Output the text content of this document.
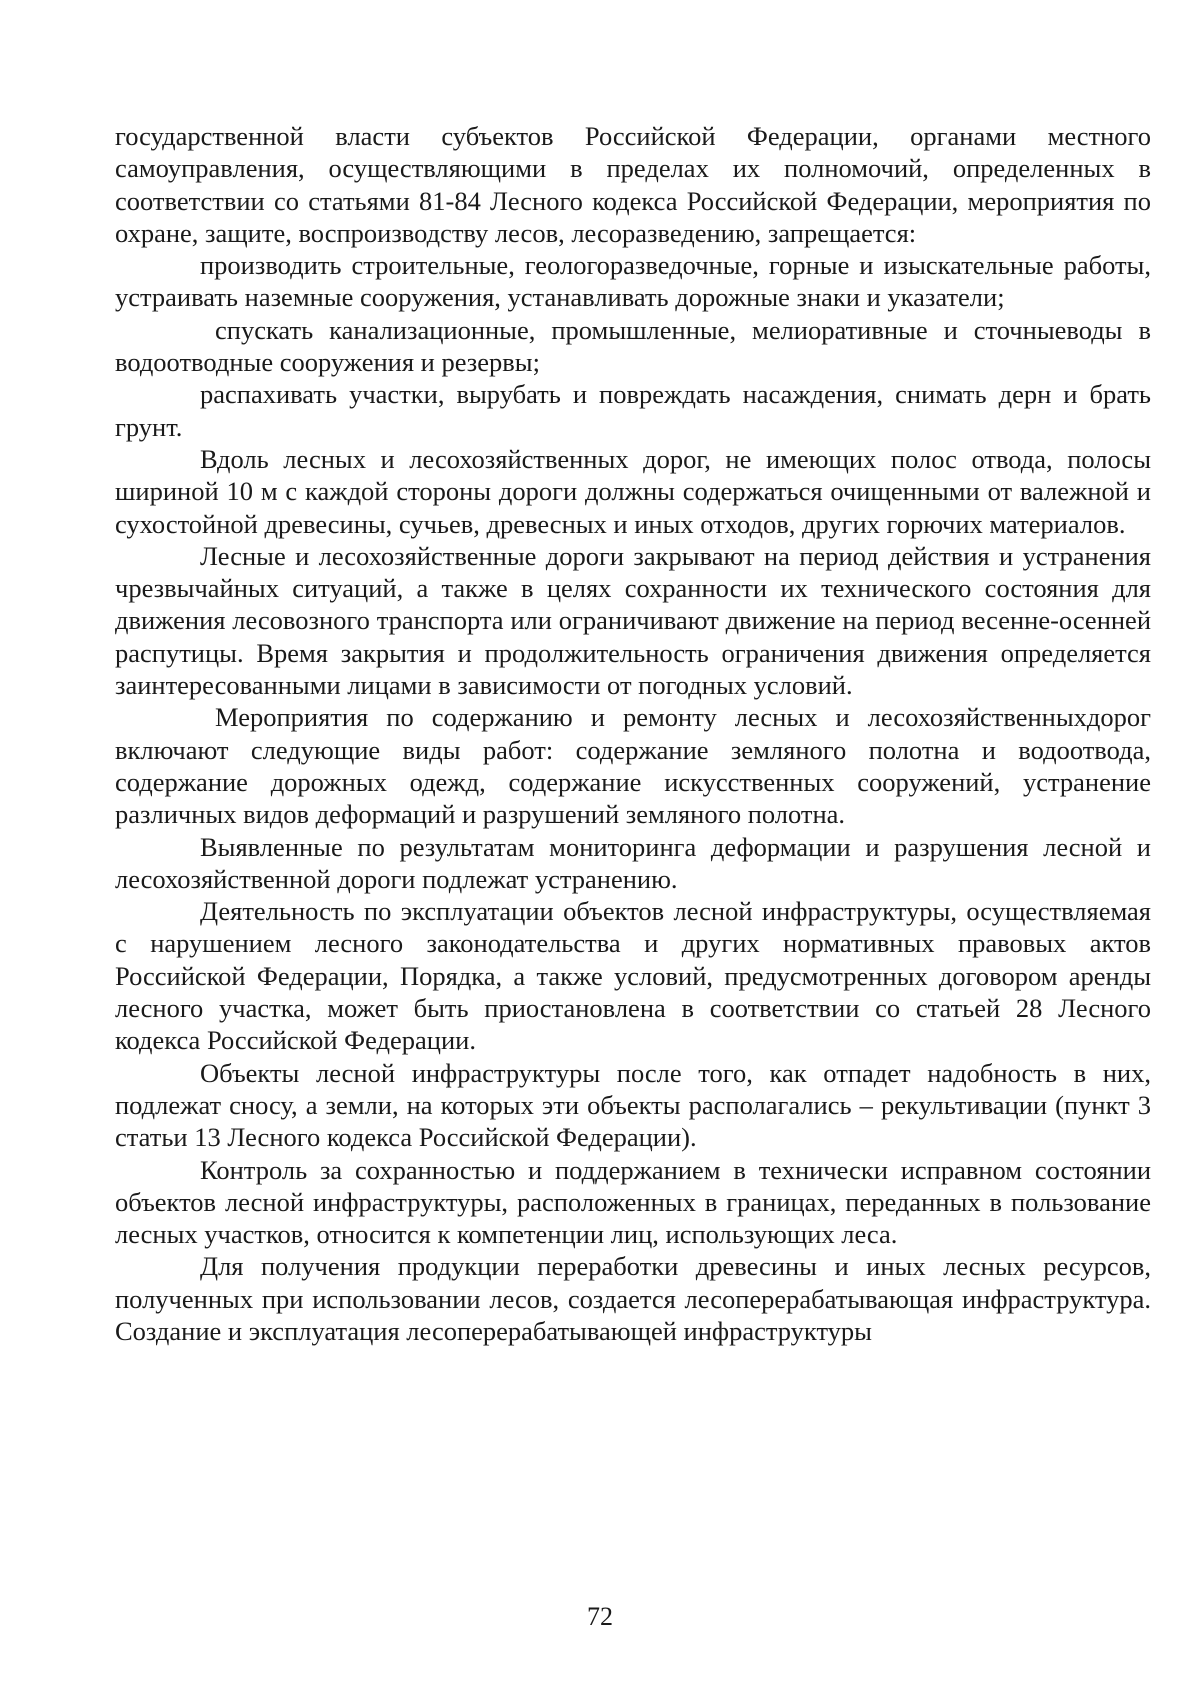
государственной власти субъектов Российской Федерации, органами местного самоуправления, осуществляющими в пределах их полномочий, определенных в соответствии со статьями 81-84 Лесного кодекса Российской Федерации, мероприятия по охране, защите, воспроизводству лесов, лесоразведению, запрещается:

производить строительные, геологоразведочные, горные и изыскательные работы, устраивать наземные сооружения, устанавливать дорожные знаки и указатели;

спускать канализационные, промышленные, мелиоративные и сточныеводы в водоотводные сооружения и резервы;

распахивать участки, вырубать и повреждать насаждения, снимать дерн и брать грунт.

Вдоль лесных и лесохозяйственных дорог, не имеющих полос отвода, полосы шириной 10 м с каждой стороны дороги должны содержаться очищенными от валежной и сухостойной древесины, сучьев, древесных и иных отходов, других горючих материалов.

Лесные и лесохозяйственные дороги закрывают на период действия и устранения чрезвычайных ситуаций, а также в целях сохранности их технического состояния для движения лесовозного транспорта или ограничивают движение на период весенне-осенней распутицы. Время закрытия и продолжительность ограничения движения определяется заинтересованными лицами в зависимости от погодных условий.

Мероприятия по содержанию и ремонту лесных и лесохозяйственныхдорог включают следующие виды работ: содержание земляного полотна и водоотвода, содержание дорожных одежд, содержание искусственных сооружений, устранение различных видов деформаций и разрушений земляного полотна.

Выявленные по результатам мониторинга деформации и разрушения лесной и лесохозяйственной дороги подлежат устранению.

Деятельность по эксплуатации объектов лесной инфраструктуры, осуществляемая с нарушением лесного законодательства и других нормативных правовых актов Российской Федерации, Порядка, а также условий, предусмотренных договором аренды лесного участка, может быть приостановлена в соответствии со статьей 28 Лесного кодекса Российской Федерации.

Объекты лесной инфраструктуры после того, как отпадет надобность в них, подлежат сносу, а земли, на которых эти объекты располагались – рекультивации (пункт 3 статьи 13 Лесного кодекса Российской Федерации).

Контроль за сохранностью и поддержанием в технически исправном состоянии объектов лесной инфраструктуры, расположенных в границах, переданных в пользование лесных участков, относится к компетенции лиц, использующих леса.

Для получения продукции переработки древесины и иных лесных ресурсов, полученных при использовании лесов, создается лесоперерабатывающая инфраструктура. Создание и эксплуатация лесоперерабатывающей инфраструктуры

72
